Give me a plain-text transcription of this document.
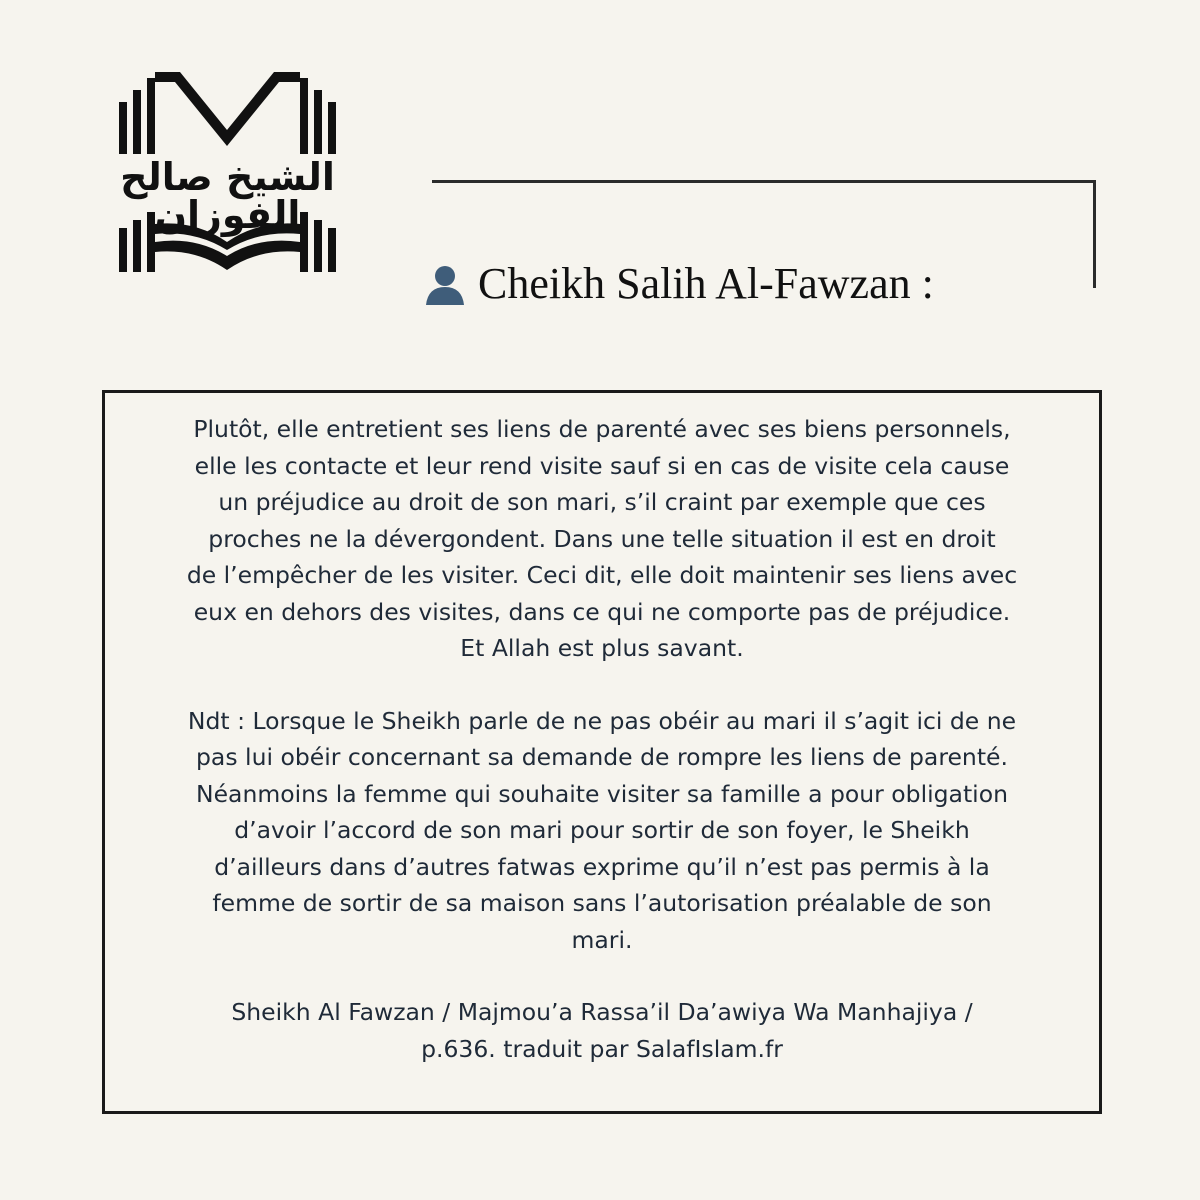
الشيخ صالح الفوزان
Cheikh Salih Al-Fawzan :

Plutôt, elle entretient ses liens de parenté avec ses biens personnels,
elle les contacte et leur rend visite sauf si en cas de visite cela cause
un préjudice au droit de son mari, s’il craint par exemple que ces
proches ne la dévergondent. Dans une telle situation il est en droit
de l’empêcher de les visiter. Ceci dit, elle doit maintenir ses liens avec
eux en dehors des visites, dans ce qui ne comporte pas de préjudice.
Et Allah est plus savant.

Ndt : Lorsque le Sheikh parle de ne pas obéir au mari il s’agit ici de ne
pas lui obéir concernant sa demande de rompre les liens de parenté.
Néanmoins la femme qui souhaite visiter sa famille a pour obligation
d’avoir l’accord de son mari pour sortir de son foyer, le Sheikh
d’ailleurs dans d’autres fatwas exprime qu’il n’est pas permis à la
femme de sortir de sa maison sans l’autorisation préalable de son
mari.

Sheikh Al Fawzan / Majmou’a Rassa’il Da’awiya Wa Manhajiya /
p.636. traduit par SalafIslam.fr
